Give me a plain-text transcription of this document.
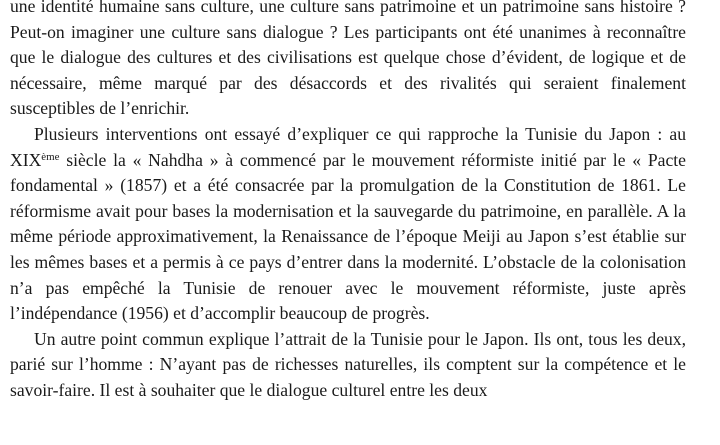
une identité humaine sans culture, une culture sans patrimoine et un patrimoine sans histoire ? Peut-on imaginer une culture sans dialogue ? Les participants ont été unanimes à reconnaître que le dialogue des cultures et des civilisations est quelque chose d’évident, de logique et de nécessaire, même marqué par des désaccords et des rivalités qui seraient finalement susceptibles de l’enrichir.

Plusieurs interventions ont essayé d’expliquer ce qui rapproche la Tunisie du Japon : au XIXème siècle la « Nahdha » à commencé par le mouvement réformiste initié par le « Pacte fondamental » (1857) et a été consacrée par la promulgation de la Constitution de 1861. Le réformisme avait pour bases la modernisation et la sauvegarde du patrimoine, en parallèle. A la même période approximativement, la Renaissance de l’époque Meiji au Japon s’est établie sur les mêmes bases et a permis à ce pays d’entrer dans la modernité. L’obstacle de la colonisation n’a pas empêché la Tunisie de renouer avec le mouvement réformiste, juste après l’indépendance (1956) et d’accomplir beaucoup de progrès.

Un autre point commun explique l’attrait de la Tunisie pour le Japon. Ils ont, tous les deux, parié sur l’homme : N’ayant pas de richesses naturelles, ils comptent sur la compétence et le savoir-faire. Il est à souhaiter que le dialogue culturel entre les deux
